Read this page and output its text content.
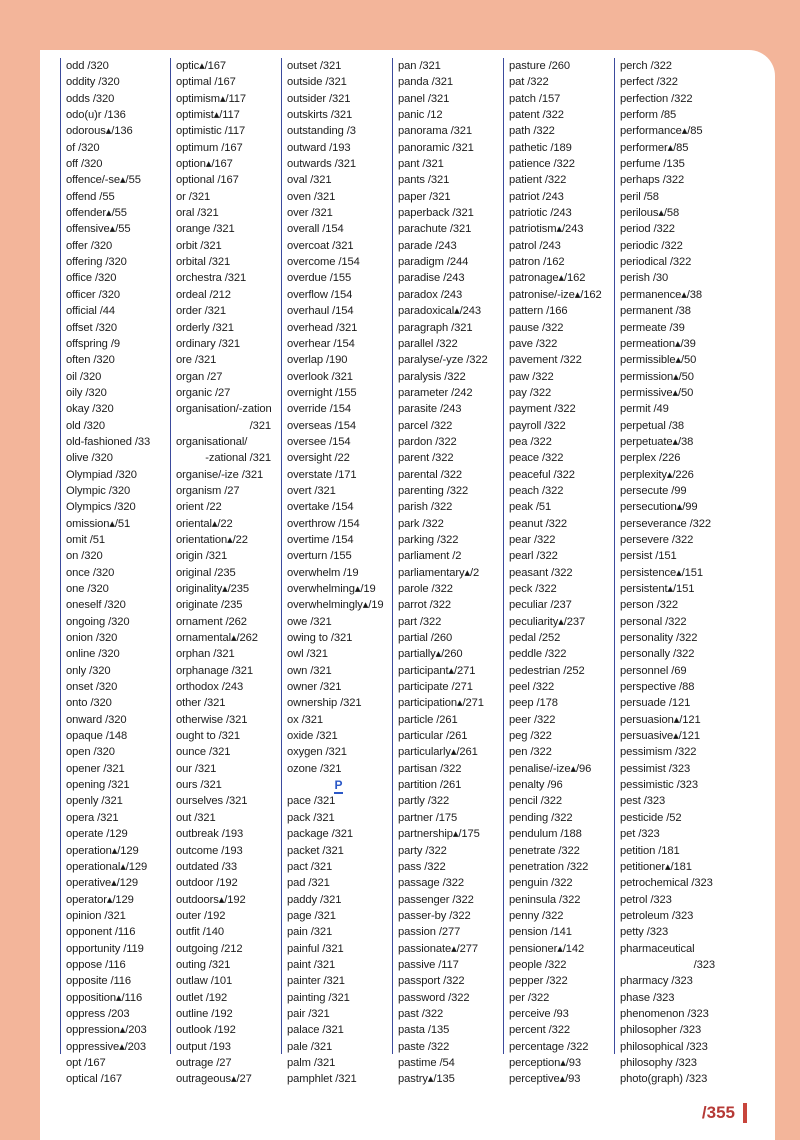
odd /320
oddity /320
odds /320
odo(u)r /136
odorous▴/136
of /320
off /320
offence/-se▴/55
offend /55
offender▴/55
offensive▴/55
offer /320
offering /320
office /320
officer /320
official /44
offset /320
offspring /9
often /320
oil /320
oily /320
okay /320
old /320
old-fashioned /33
olive /320
Olympiad /320
Olympic /320
Olympics /320
omission▴/51
omit /51
on /320
once /320
one /320
oneself /320
ongoing /320
onion /320
online /320
only /320
onset /320
onto /320
onward /320
opaque /148
open /320
opener /321
opening /321
openly /321
opera /321
operate /129
operation▴/129
operational▴/129
operative▴/129
operator▴/129
opinion /321
opponent /116
opportunity /119
oppose /116
opposite /116
opposition▴/116
oppress /203
oppression▴/203
oppressive▴/203
opt /167
optical /167
optic▴/167
optimal /167
optimism▴/117
optimist▴/117
optimistic /117
optimum /167
option▴/167
optional /167
or /321
oral /321
orange /321
orbit /321
orbital /321
orchestra /321
ordeal /212
order /321
orderly /321
ordinary /321
ore /321
organ /27
organic /27
organisation/-zation
/321
organisational/
-zational /321
organise/-ize /321
organism /27
orient /22
oriental▴/22
orientation▴/22
origin /321
original /235
originality▴/235
originate /235
ornament /262
ornamental▴/262
orphan /321
orphanage /321
orthodox /243
other /321
otherwise /321
ought to /321
ounce /321
our /321
ours /321
ourselves /321
out /321
outbreak /193
outcome /193
outdated /33
outdoor /192
outdoors▴/192
outer /192
outfit /140
outgoing /212
outing /321
outlaw /101
outlet /192
outline /192
outlook /192
output /193
outrage /27
outrageous▴/27
outset /321
outside /321
outsider /321
outskirts /321
outstanding /3
outward /193
outwards /321
oval /321
oven /321
over /321
overall /154
overcoat /321
overcome /154
overdue /155
overflow /154
overhaul /154
overhead /321
overhear /154
overlap /190
overlook /321
overnight /155
override /154
overseas /154
oversee /154
oversight /22
overstate /171
overt /321
overtake /154
overthrow /154
overtime /154
overturn /155
overwhelm /19
overwhelming▴/19
overwhelmingly▴/19
owe /321
owing to /321
owl /321
own /321
owner /321
ownership /321
ox /321
oxide /321
oxygen /321
ozone /321
P
pace /321
pack /321
package /321
packet /321
pact /321
pad /321
paddy /321
page /321
pain /321
painful /321
paint /321
painter /321
painting /321
pair /321
palace /321
pale /321
palm /321
pamphlet /321
pan /321
panda /321
panel /321
panic /12
panorama /321
panoramic /321
pant /321
pants /321
paper /321
paperback /321
parachute /321
parade /243
paradigm /244
paradise /243
paradox /243
paradoxical▴/243
paragraph /321
parallel /322
paralyse/-yze /322
paralysis /322
parameter /242
parasite /243
parcel /322
pardon /322
parent /322
parental /322
parenting /322
parish /322
park /322
parking /322
parliament /2
parliamentary▴/2
parole /322
parrot /322
part /322
partial /260
partially▴/260
participant▴/271
participate /271
participation▴/271
particle /261
particular /261
particularly▴/261
partisan /322
partition /261
partly /322
partner /175
partnership▴/175
party /322
pass /322
passage /322
passenger /322
passer-by /322
passion /277
passionate▴/277
passive /117
passport /322
password /322
past /322
pasta /135
paste /322
pastime /54
pastry▴/135
pasture /260
pat /322
patch /157
patent /322
path /322
pathetic /189
patience /322
patient /322
patriot /243
patriotic /243
patriotism▴/243
patrol /243
patron /162
patronage▴/162
patronise/-ize▴/162
pattern /166
pause /322
pave /322
pavement /322
paw /322
pay /322
payment /322
payroll /322
pea /322
peace /322
peaceful /322
peach /322
peak /51
peanut /322
pear /322
pearl /322
peasant /322
peck /322
peculiar /237
peculiarity▴/237
pedal /252
peddle /322
pedestrian /252
peel /322
peep /178
peer /322
peg /322
pen /322
penalise/-ize▴/96
penalty /96
pencil /322
pending /322
pendulum /188
penetrate /322
penetration /322
penguin /322
peninsula /322
penny /322
pension /141
pensioner▴/142
people /322
pepper /322
per /322
perceive /93
percent /322
percentage /322
perception▴/93
perceptive▴/93
perch /322
perfect /322
perfection /322
perform /85
performance▴/85
performer▴/85
perfume /135
perhaps /322
peril /58
perilous▴/58
period /322
periodic /322
periodical /322
perish /30
permanence▴/38
permanent /38
permeate /39
permeation▴/39
permissible▴/50
permission▴/50
permissive▴/50
permit /49
perpetual /38
perpetuate▴/38
perplex /226
perplexity▴/226
persecute /99
persecution▴/99
perseverance /322
persevere /322
persist /151
persistence▴/151
persistent▴/151
person /322
personal /322
personality /322
personally /322
personnel /69
perspective /88
persuade /121
persuasion▴/121
persuasive▴/121
pessimism /322
pessimist /323
pessimistic /323
pest /323
pesticide /52
pet /323
petition /181
petitioner▴/181
petrochemical /323
petrol /323
petroleum /323
petty /323
pharmaceutical
/323
pharmacy /323
phase /323
phenomenon /323
philosopher /323
philosophical /323
philosophy /323
photo(graph) /323
/355
